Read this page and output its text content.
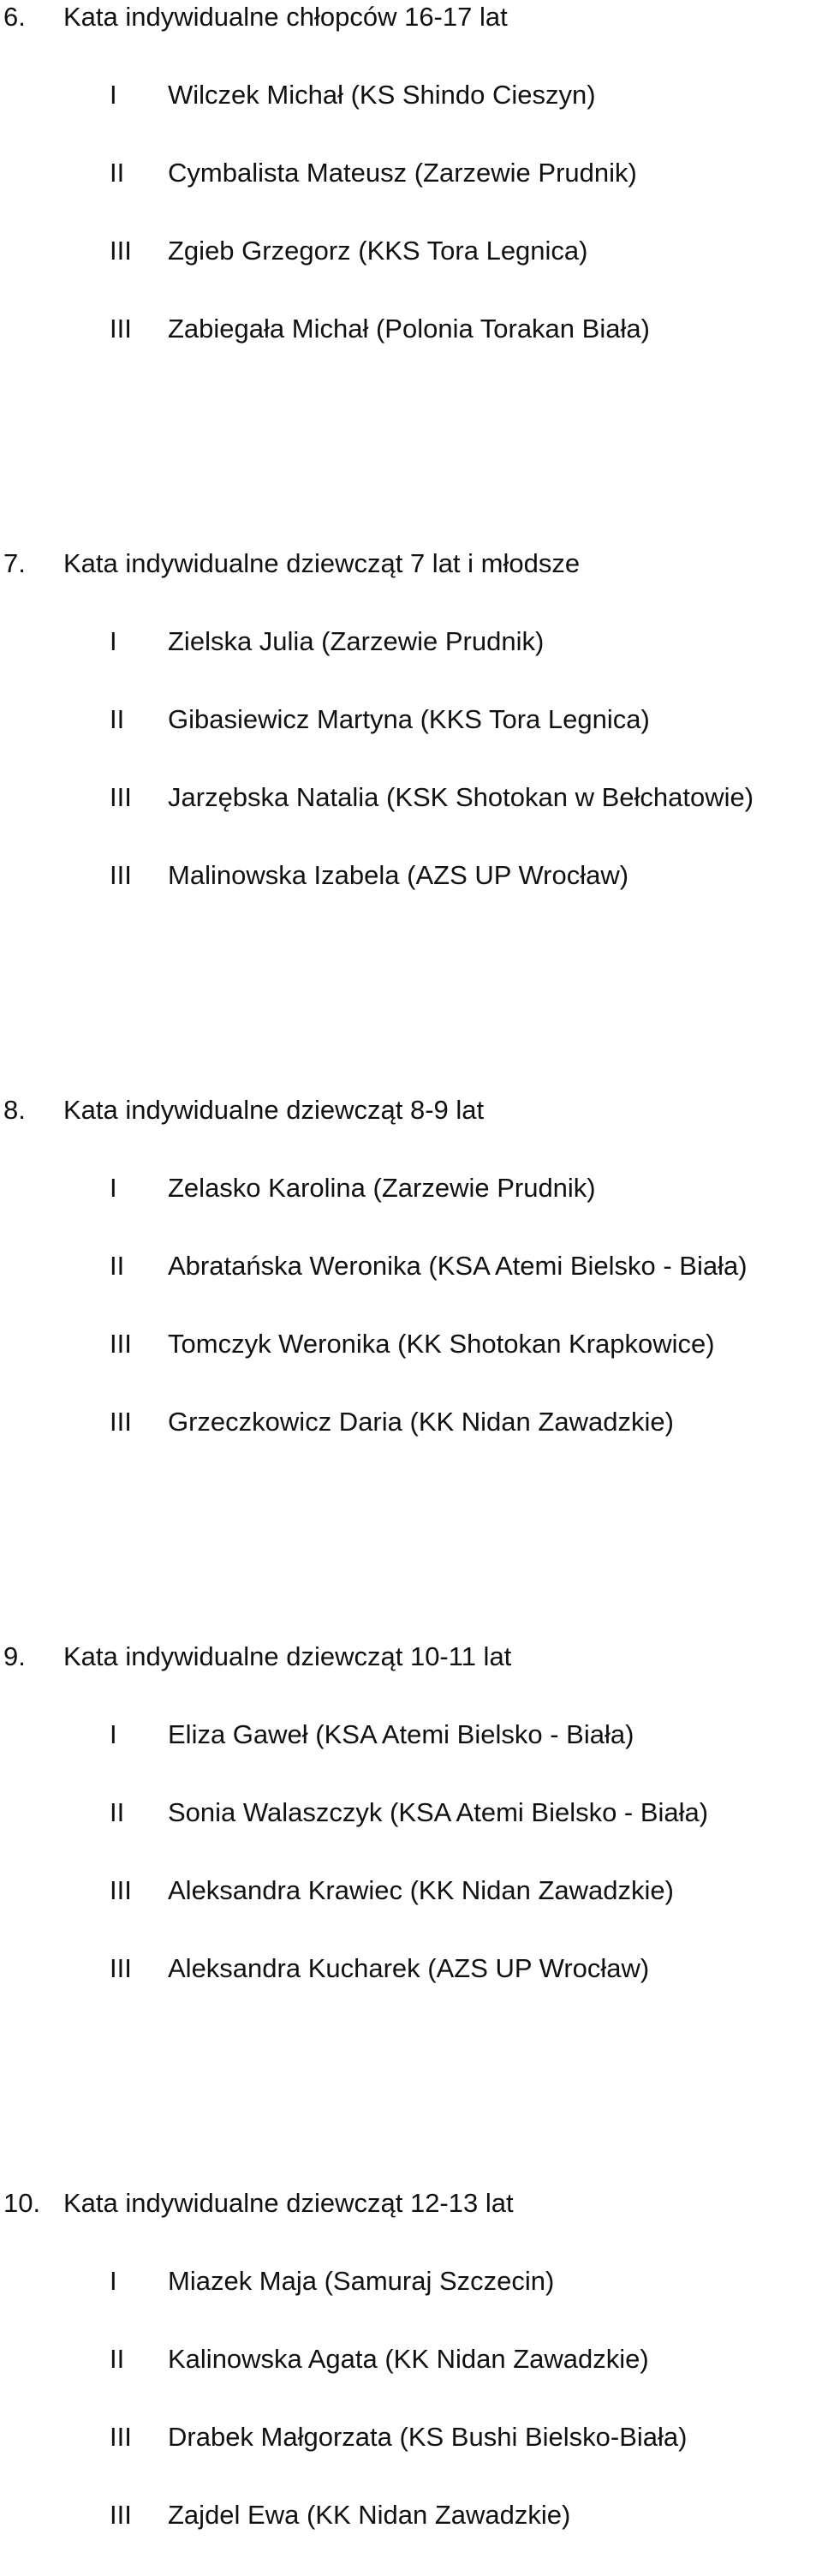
6. Kata indywidualne chłopców 16-17 lat
I Wilczek Michał (KS Shindo Cieszyn)
II Cymbalista Mateusz (Zarzewie Prudnik)
III Zgieb Grzegorz (KKS Tora Legnica)
III Zabiegała Michał (Polonia Torakan Biała)
7. Kata indywidualne dziewcząt 7 lat i młodsze
I Zielska Julia (Zarzewie Prudnik)
II Gibasiewicz Martyna (KKS Tora Legnica)
III Jarzębska Natalia (KSK Shotokan w Bełchatowie)
III Malinowska Izabela (AZS UP Wrocław)
8. Kata indywidualne dziewcząt 8-9 lat
I Zelasko Karolina (Zarzewie Prudnik)
II Abratańska Weronika (KSA Atemi Bielsko - Biała)
III Tomczyk Weronika (KK Shotokan Krapkowice)
III Grzeczkowicz Daria (KK Nidan Zawadzkie)
9. Kata indywidualne dziewcząt 10-11 lat
I Eliza Gaweł (KSA Atemi Bielsko - Biała)
II Sonia Walaszczyk (KSA Atemi Bielsko - Biała)
III Aleksandra Krawiec (KK Nidan Zawadzkie)
III Aleksandra Kucharek (AZS UP Wrocław)
10. Kata indywidualne dziewcząt 12-13 lat
I Miazek Maja (Samuraj Szczecin)
II Kalinowska Agata (KK Nidan Zawadzkie)
III Drabek Małgorzata (KS Bushi Bielsko-Biała)
III Zajdel Ewa (KK Nidan Zawadzkie)
